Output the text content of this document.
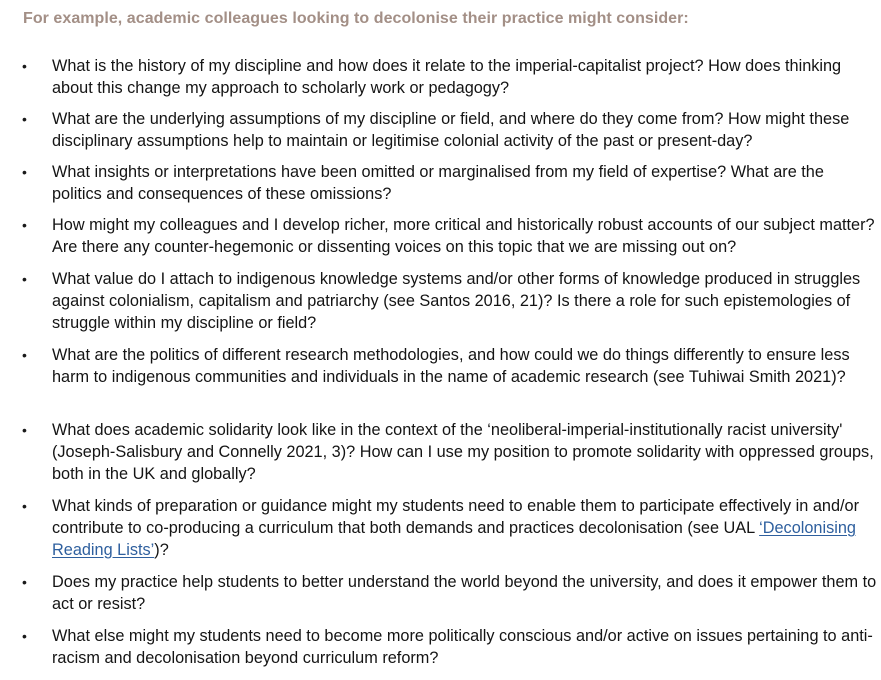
For example, academic colleagues looking to decolonise their practice might consider:
•	What is the history of my discipline and how does it relate to the imperial-capitalist project? How does thinking about this change my approach to scholarly work or pedagogy?
•	What are the underlying assumptions of my discipline or field, and where do they come from? How might these disciplinary assumptions help to maintain or legitimise colonial activity of the past or present-day?
•	What insights or interpretations have been omitted or marginalised from my field of expertise? What are the politics and consequences of these omissions?
•	How might my colleagues and I develop richer, more critical and historically robust accounts of our subject matter? Are there any counter-hegemonic or dissenting voices on this topic that we are missing out on?
•	What value do I attach to indigenous knowledge systems and/or other forms of knowledge produced in struggles against colonialism, capitalism and patriarchy (see Santos 2016, 21)? Is there a role for such epistemologies of struggle within my discipline or field?
•	What are the politics of different research methodologies, and how could we do things differently to ensure less harm to indigenous communities and individuals in the name of academic research (see Tuhiwai Smith 2021)?
•	What does academic solidarity look like in the context of the ‘neoliberal-imperial-institutionally racist university' (Joseph-Salisbury and Connelly 2021, 3)? How can I use my position to promote solidarity with oppressed groups, both in the UK and globally?
•	What kinds of preparation or guidance might my students need to enable them to participate effectively in and/or contribute to co-producing a curriculum that both demands and practices decolonisation (see UAL ‘Decolonising Reading Lists’)?
•	Does my practice help students to better understand the world beyond the university, and does it empower them to act or resist?
•	What else might my students need to become more politically conscious and/or active on issues pertaining to anti-racism and decolonisation beyond curriculum reform?
